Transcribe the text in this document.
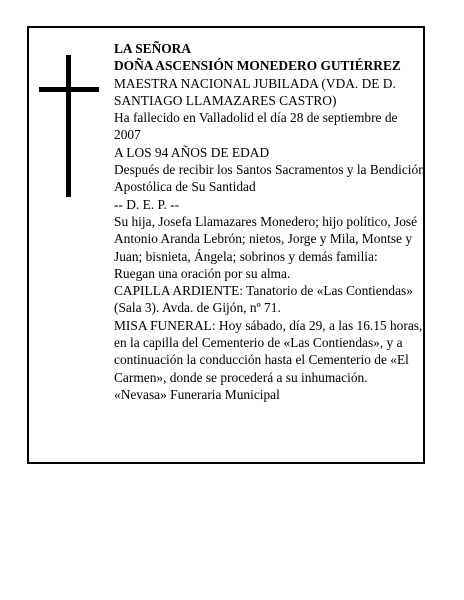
LA SEÑORA

DOÑA ASCENSIÓN MONEDERO GUTIÉRREZ

MAESTRA NACIONAL JUBILADA (VDA. DE D. SANTIAGO LLAMAZARES CASTRO)

Ha fallecido en Valladolid el día 28 de septiembre de 2007

A LOS 94 AÑOS DE EDAD

Después de recibir los Santos Sacramentos y la Bendición Apostólica de Su Santidad

-- D. E. P. --

Su hija, Josefa Llamazares Monedero; hijo político, José Antonio Aranda Lebrón; nietos, Jorge y Mila, Montse y Juan; bisnieta, Ángela; sobrinos y demás familia:

Ruegan una oración por su alma.

CAPILLA ARDIENTE: Tanatorio de «Las Contiendas» (Sala 3). Avda. de Gijón, nº 71.

MISA FUNERAL: Hoy sábado, día 29, a las 16.15 horas, en la capilla del Cementerio de «Las Contiendas», y a continuación la conducción hasta el Cementerio de «El Carmen», donde se procederá a su inhumación.

«Nevasa» Funeraria Municipal
